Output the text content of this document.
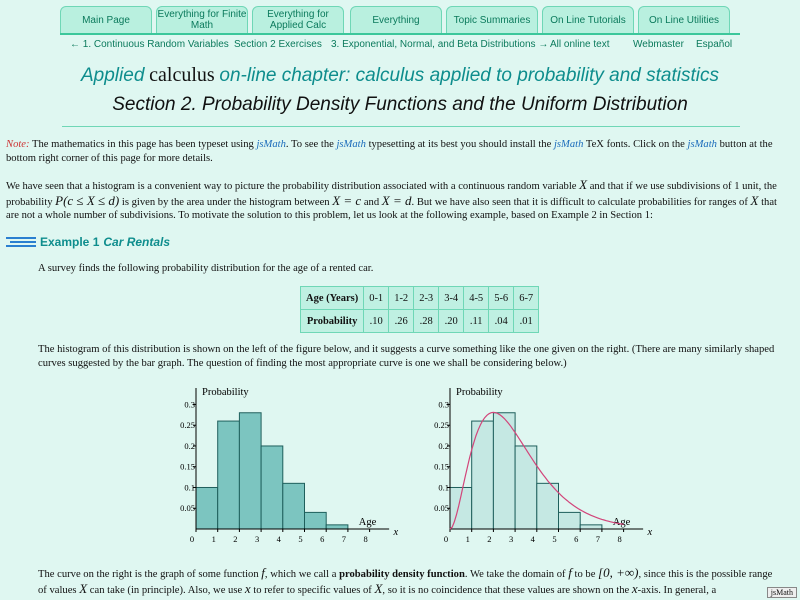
Main Page	Everything for Finite Math
Everything for Applied Calc	Everything	Topic Summaries	On Line Tutorials	On Line Utilities
← 1. Continuous Random Variables Section 2 Exercises 3. Exponential, Normal, and Beta Distributions → All online text Webmaster Español
Applied calculus on-line chapter: calculus applied to probability and statistics
Section 2. Probability Density Functions and the Uniform Distribution
Note: The mathematics in this page has been typeset using jsMath. To see the jsMath typesetting at its best you should install the jsMath TeX fonts. Click on the jsMath button at the bottom right corner of this page for more details.
We have seen that a histogram is a convenient way to picture the probability distribution associated with a continuous random variable X and that if we use subdivisions of 1 unit, the probability P(c ≤ X ≤ d) is given by the area under the histogram between X = c and X = d. But we have also seen that it is difficult to calculate probabilities for ranges of X that are not a whole number of subdivisions. To motivate the solution to this problem, let us look at the following example, based on Example 2 in Section 1:
Example 1 Car Rentals
A survey finds the following probability distribution for the age of a rented car.
Age (Years)	0-1	1-2	2-3	3-4	4-5	5-6	6-7
Probability	.10	.26	.28	.20	.11	.04	.01
The histogram of this distribution is shown on the left of the figure below, and it suggests a curve something like the one given on the right. (There are many similarly shaped curves suggested by the bar graph. The question of finding the most appropriate curve is one we shall be considering below.)
0.05
0.1
0.15
0.2
0.25
0.3
0 1 2 3 4 5 6 7 8
Probability
Age
x
0.05
0.1
0.15
0.2
0.25
0.3
0 1 2 3 4 5 6 7 8
Probability
Age
x
The curve on the right is the graph of some function f, which we call a probability density function. We take the domain of f to be [0, +∞), since this is the possible range of values X can take (in principle). Also, we use x to refer to specific values of X, so it is no coincidence that these values are shown on the x-axis. In general, a	jsMath
